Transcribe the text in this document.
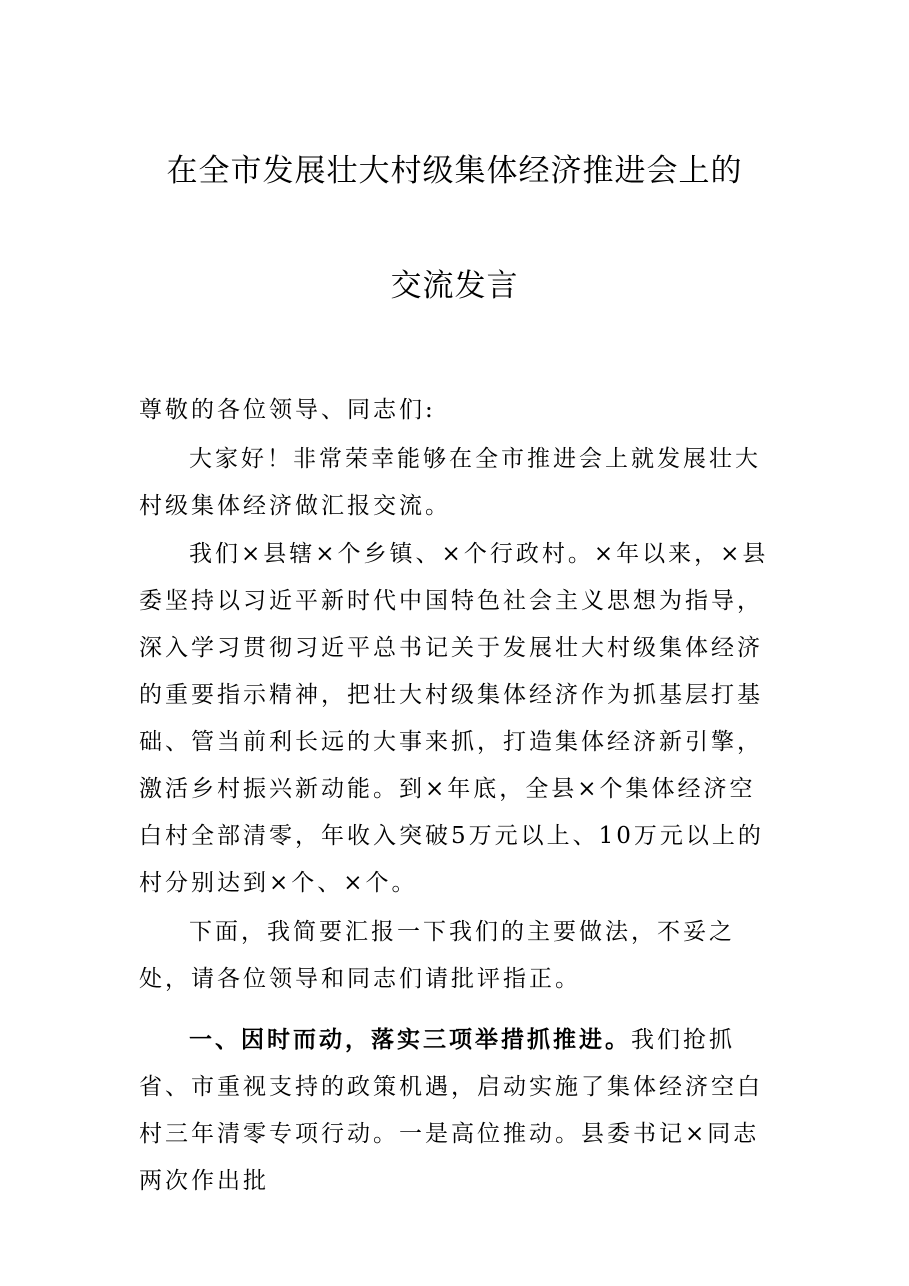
在全市发展壮大村级集体经济推进会上的
交流发言

尊敬的各位领导、同志们:

大家好！非常荣幸能够在全市推进会上就发展壮大村级集体经济做汇报交流。

我们×县辖×个乡镇、×个行政村。×年以来，×县委坚持以习近平新时代中国特色社会主义思想为指导，深入学习贯彻习近平总书记关于发展壮大村级集体经济的重要指示精神，把壮大村级集体经济作为抓基层打基础、管当前利长远的大事来抓，打造集体经济新引擎，激活乡村振兴新动能。到×年底，全县×个集体经济空白村全部清零，年收入突破5万元以上、10万元以上的村分别达到×个、×个。

下面，我简要汇报一下我们的主要做法，不妥之处，请各位领导和同志们请批评指正。

一、因时而动，落实三项举措抓推进。我们抢抓省、市重视支持的政策机遇，启动实施了集体经济空白村三年清零专项行动。一是高位推动。县委书记×同志两次作出批
